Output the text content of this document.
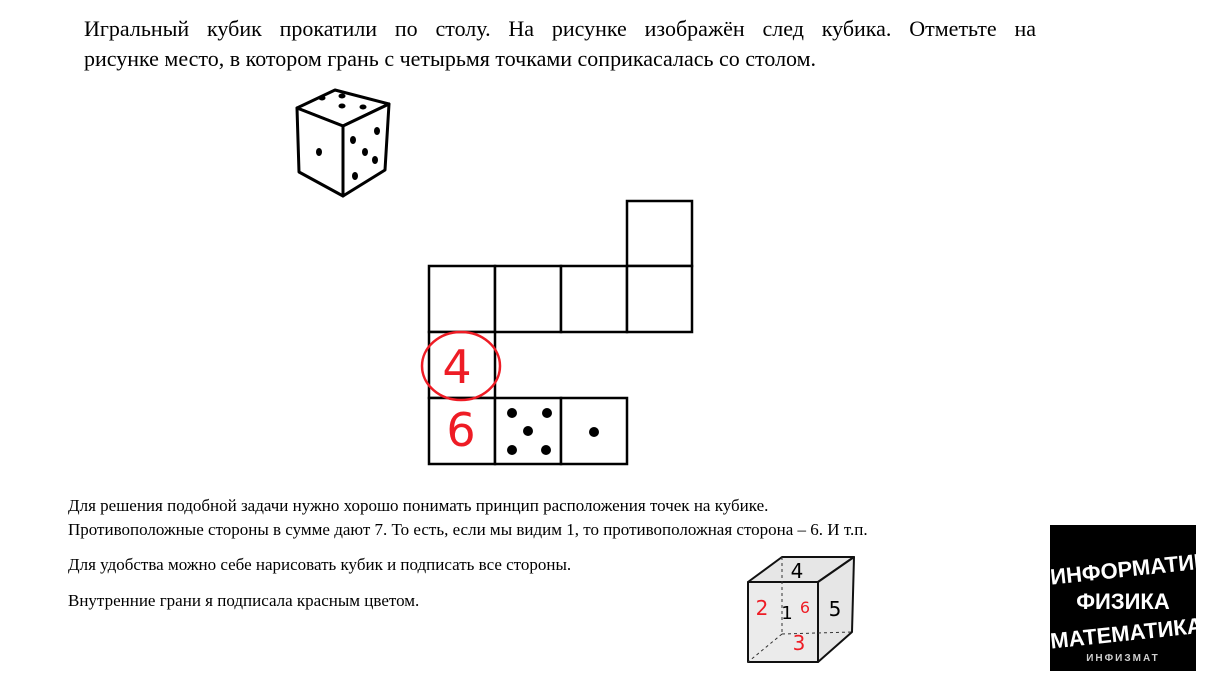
Игральный кубик прокатили по столу. На рисунке изображён след кубика. Отметьте на
рисунке место, в котором грань с четырьмя точками соприкасалась со столом.

4
6

Для решения подобной задачи нужно хорошо понимать принцип расположения точек на кубике.

Противоположные стороны в сумме дают 7. То есть, если мы видим 1, то противоположная сторона – 6. И т.п.

Для удобства можно себе нарисовать кубик и подписать все стороны.

Внутренние грани я подписала красным цветом.

4
2 1 6 5
3
ИНФОРМАТИКА
ФИЗИКА
МАТЕМАТИКА
ИНФИЗМАТ
